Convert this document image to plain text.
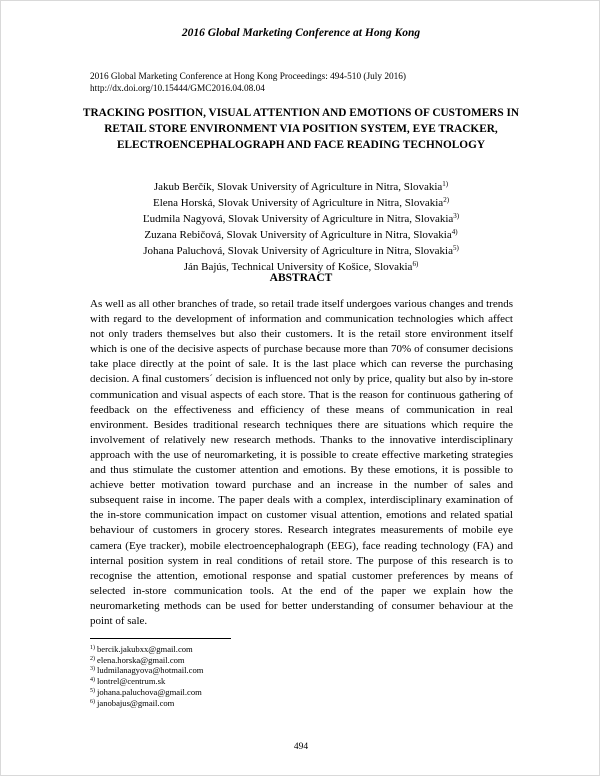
2016 Global Marketing Conference at Hong Kong
2016 Global Marketing Conference at Hong Kong Proceedings: 494-510 (July 2016)
http://dx.doi.org/10.15444/GMC2016.04.08.04
TRACKING POSITION, VISUAL ATTENTION AND EMOTIONS OF CUSTOMERS IN RETAIL STORE ENVIRONMENT VIA POSITION SYSTEM, EYE TRACKER, ELECTROENCEPHALOGRAPH AND FACE READING TECHNOLOGY
Jakub Berčík, Slovak University of Agriculture in Nitra, Slovakia$^{1)}$
Elena Horská, Slovak University of Agriculture in Nitra, Slovakia$^{2)}$
Ľudmila Nagyová, Slovak University of Agriculture in Nitra, Slovakia$^{3)}$
Zuzana Rebičová, Slovak University of Agriculture in Nitra, Slovakia$^{4)}$
Johana Paluchová, Slovak University of Agriculture in Nitra, Slovakia$^{5)}$
Ján Bajús, Technical University of Košice, Slovakia$^{6)}$
ABSTRACT
As well as all other branches of trade, so retail trade itself undergoes various changes and trends with regard to the development of information and communication technologies which affect not only traders themselves but also their customers. It is the retail store environment itself which is one of the decisive aspects of purchase because more than 70% of consumer decisions take place directly at the point of sale. It is the last place which can reverse the purchasing decision. A final customers´ decision is influenced not only by price, quality but also by in-store communication and visual aspects of each store. That is the reason for continuous gathering of feedback on the effectiveness and efficiency of these means of communication in real environment. Besides traditional research techniques there are situations which require the involvement of relatively new research methods. Thanks to the innovative interdisciplinary approach with the use of neuromarketing, it is possible to create effective marketing strategies and thus stimulate the customer attention and emotions. By these emotions, it is possible to achieve better motivation toward purchase and an increase in the number of sales and subsequent raise in income. The paper deals with a complex, interdisciplinary examination of the in-store communication impact on customer visual attention, emotions and related spatial behaviour of customers in grocery stores. Research integrates measurements of mobile eye camera (Eye tracker), mobile electroencephalograph (EEG), face reading technology (FA) and internal position system in real conditions of retail store. The purpose of this research is to recognise the attention, emotional response and spatial customer preferences by means of selected in-store communication tools. At the end of the paper we explain how the neuromarketing methods can be used for better understanding of consumer behaviour at the point of sale.
$^{1)}$ bercik.jakubxx@gmail.com
$^{2)}$ elena.horska@gmail.com
$^{3)}$ ludmilanagyova@hotmail.com
$^{4)}$ lontrel@centrum.sk
$^{5)}$ johana.paluchova@gmail.com
$^{6)}$ janobajus@gmail.com
494
